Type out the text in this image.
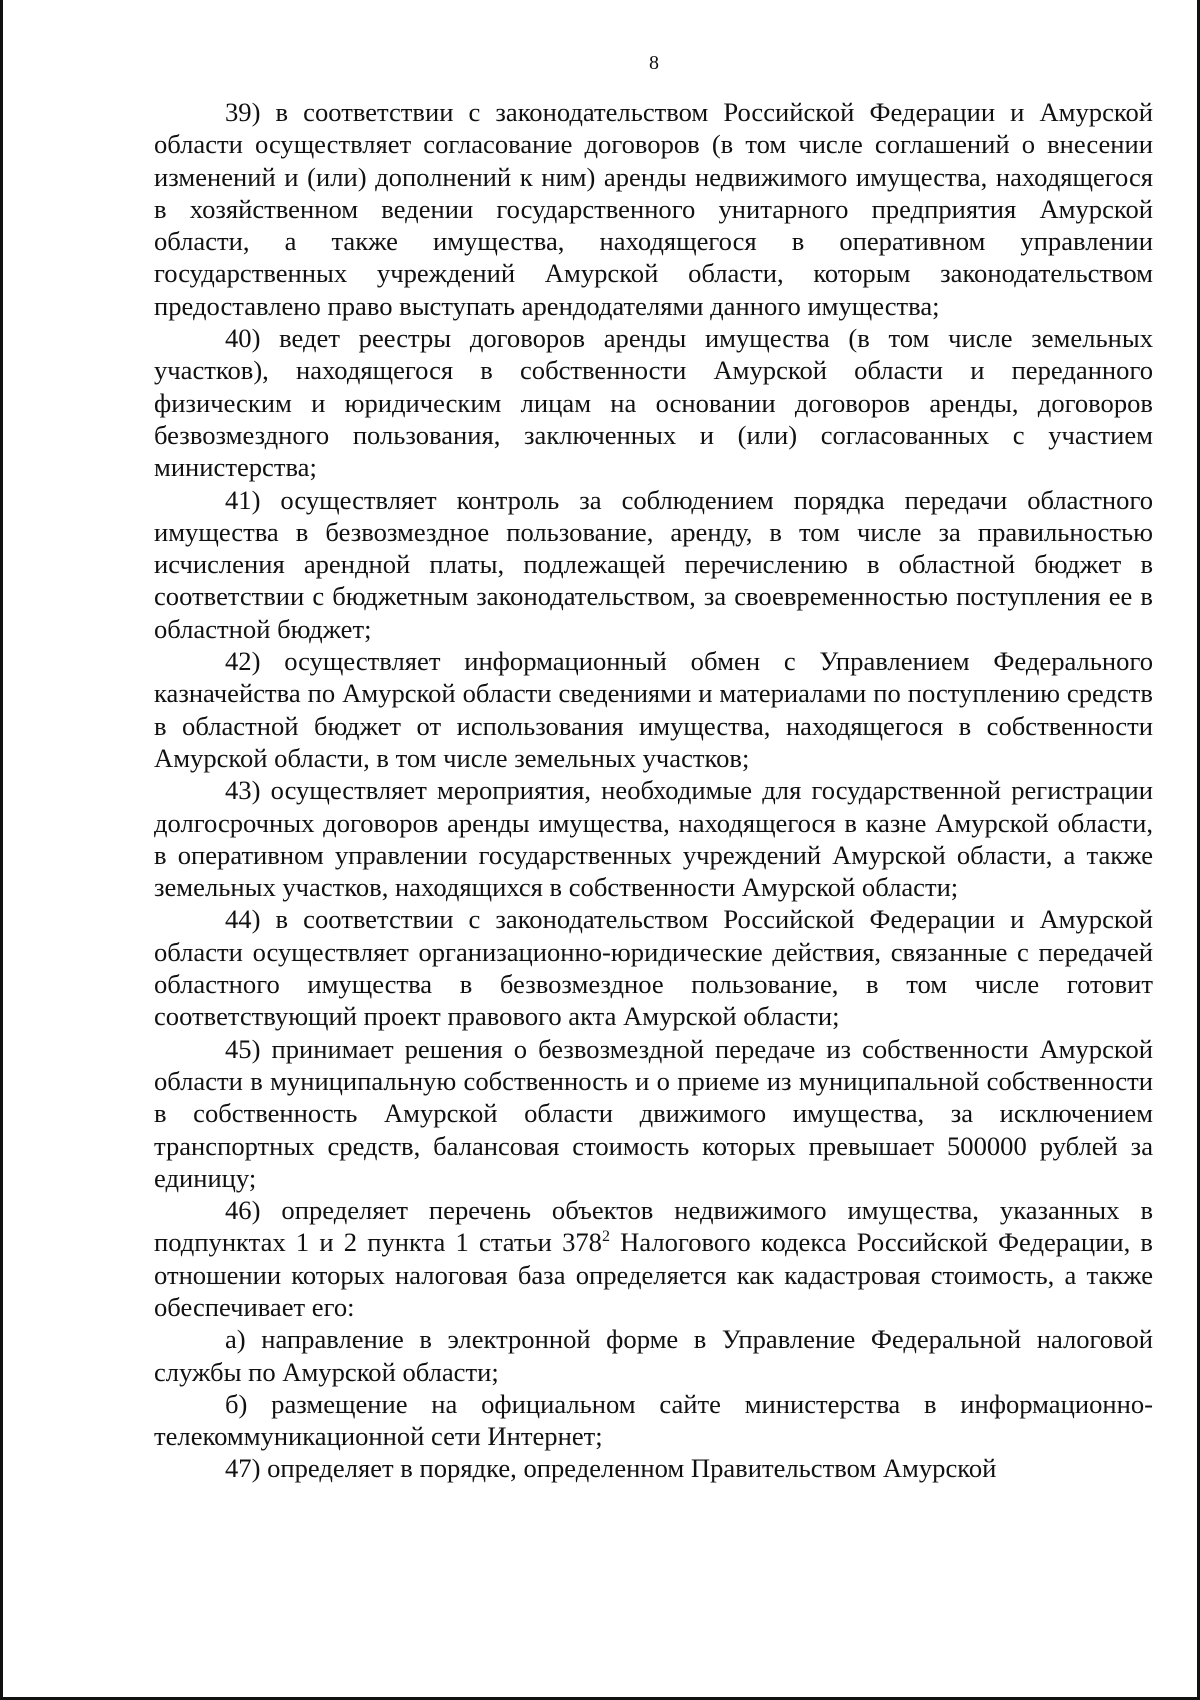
8

39) в соответствии с законодательством Российской Федерации и Амурской области осуществляет согласование договоров (в том числе соглашений о внесении изменений и (или) дополнений к ним) аренды недвижимого имущества, находящегося в хозяйственном ведении государственного унитарного предприятия Амурской области, а также имущества, находящегося в оперативном управлении государственных учреждений Амурской области, которым законодательством предоставлено право выступать арендодателями данного имущества;

40) ведет реестры договоров аренды имущества (в том числе земельных участков), находящегося в собственности Амурской области и переданного физическим и юридическим лицам на основании договоров аренды, договоров безвозмездного пользования, заключенных и (или) согласованных с участием министерства;

41) осуществляет контроль за соблюдением порядка передачи областного имущества в безвозмездное пользование, аренду, в том числе за правильностью исчисления арендной платы, подлежащей перечислению в областной бюджет в соответствии с бюджетным законодательством, за своевременностью поступления ее в областной бюджет;

42) осуществляет информационный обмен с Управлением Федерального казначейства по Амурской области сведениями и материалами по поступлению средств в областной бюджет от использования имущества, находящегося в собственности Амурской области, в том числе земельных участков;

43) осуществляет мероприятия, необходимые для государственной регистрации долгосрочных договоров аренды имущества, находящегося в казне Амурской области, в оперативном управлении государственных учреждений Амурской области, а также земельных участков, находящихся в собственности Амурской области;

44) в соответствии с законодательством Российской Федерации и Амурской области осуществляет организационно-юридические действия, связанные с передачей областного имущества в безвозмездное пользование, в том числе готовит соответствующий проект правового акта Амурской области;

45) принимает решения о безвозмездной передаче из собственности Амурской области в муниципальную собственность и о приеме из муниципальной собственности в собственность Амурской области движимого имущества, за исключением транспортных средств, балансовая стоимость которых превышает 500000 рублей за единицу;

46) определяет перечень объектов недвижимого имущества, указанных в подпунктах 1 и 2 пункта 1 статьи $378^2$ Налогового кодекса Российской Федерации, в отношении которых налоговая база определяется как кадастровая стоимость, а также обеспечивает его:

а) направление в электронной форме в Управление Федеральной налоговой службы по Амурской области;

б) размещение на официальном сайте министерства в информационно-телекоммуникационной сети Интернет;

47) определяет в порядке, определенном Правительством Амурской
